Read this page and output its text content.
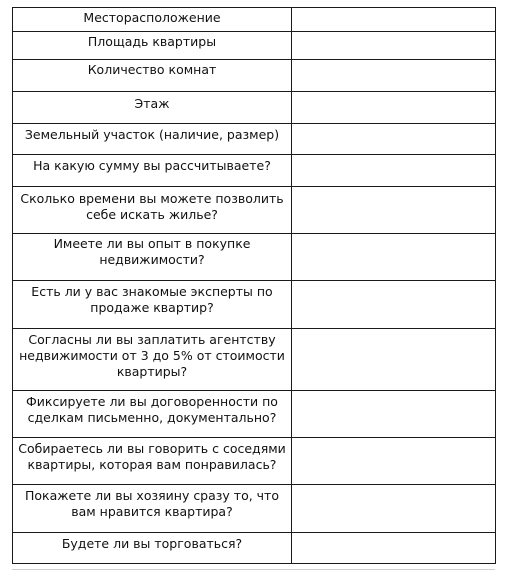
Месторасположение	
Площадь квартиры	
Количество комнат	
Этаж	
Земельный участок (наличие, размер)	
На какую сумму вы рассчитываете?	
Сколько времени вы можете позволить себе искать жилье?	
Имеете ли вы опыт в покупке недвижимости?	
Есть ли у вас знакомые эксперты по продаже квартир?	
Согласны ли вы заплатить агентству недвижимости от 3 до 5% от стоимости квартиры?	
Фиксируете ли вы договоренности по сделкам письменно, документально?	
Собираетесь ли вы говорить с соседями квартиры, которая вам понравилась?	
Покажете ли вы хозяину сразу то, что вам нравится квартира?	
Будете ли вы торговаться?	
